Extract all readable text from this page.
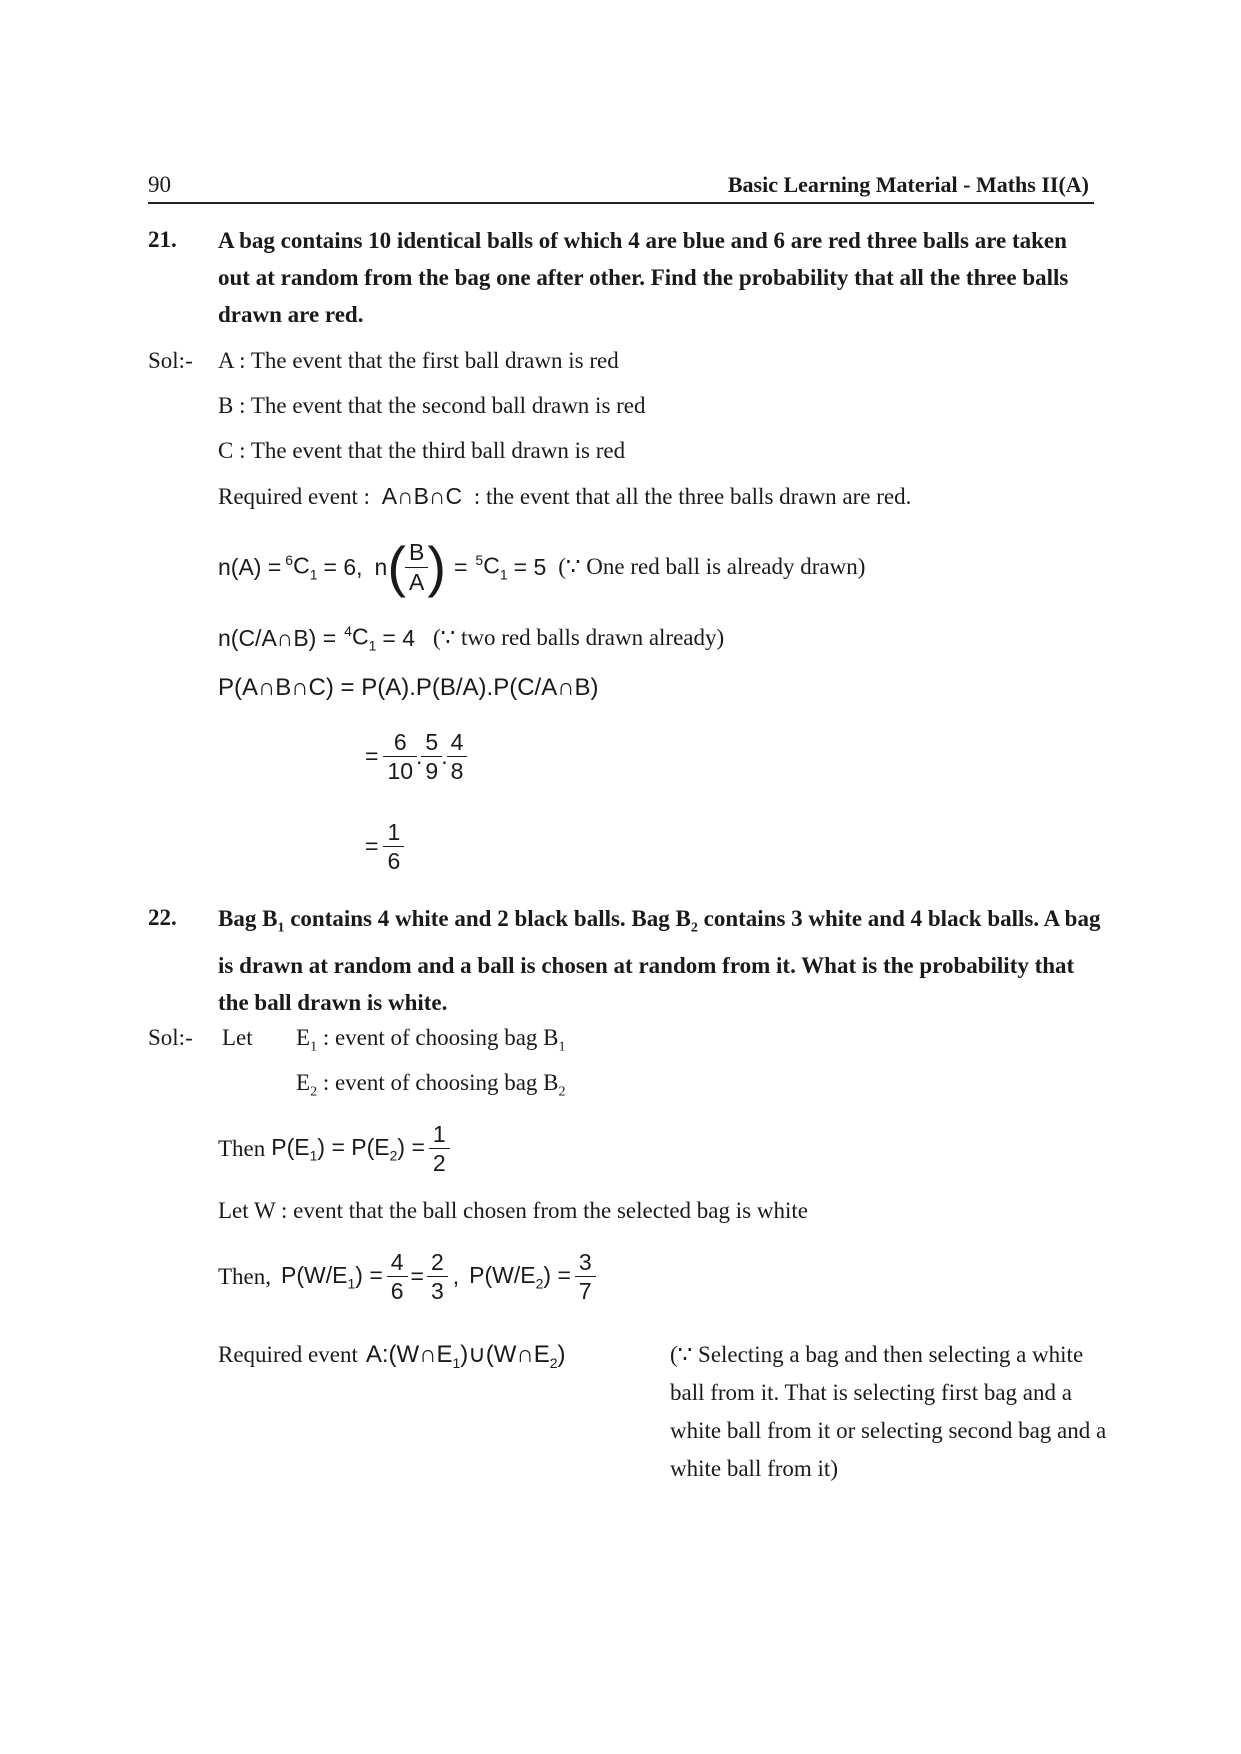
90	Basic Learning Material - Maths II(A)
21. A bag contains 10 identical balls of which 4 are blue and 6 are red three balls are taken out at random from the bag one after other. Find the probability that all the three balls drawn are red.
Sol:- A : The event that the first ball drawn is red
B : The event that the second ball drawn is red
C : The event that the third ball drawn is red
Required event : A∩B∩C : the event that all the three balls drawn are red.
$n(A) = ^6C_1 = 6$, n ( $\frac{B}{A}$ ) = $^5C_1 = 5$ (∵ One red ball is already drawn)
n(C/A∩B) = $^4C_1 = 4$ (∵ two red balls drawn already)
P(A∩B∩C) = P(A).P(B/A).P(C/A∩B)
= $\frac{6}{10}$ . $\frac{5}{9}$ . $\frac{4}{8}$
= $\frac{1}{6}$
22. Bag $B_1$ contains 4 white and 2 black balls. Bag $B_2$ contains 3 white and 4 black balls. A bag is drawn at random and a ball is chosen at random from it. What is the probability that the ball drawn is white.
Sol:- Let $E_1$ : event of choosing bag $B_1$
$E_2$ : event of choosing bag $B_2$
Then $P(E_1) = P(E_2) = \frac{1}{2}$
Let W : event that the ball chosen from the selected bag is white
Then, $P(W/E_1) = \frac{4}{6} = \frac{2}{3}$ , $P(W/E_2) = \frac{3}{7}$
Required event $A:(W\cap E_1)\cup(W\cap E_2)$	(∵ Selecting a bag and then selecting a white ball from it. That is selecting first bag and a white ball from it or selecting second bag and a white ball from it)
